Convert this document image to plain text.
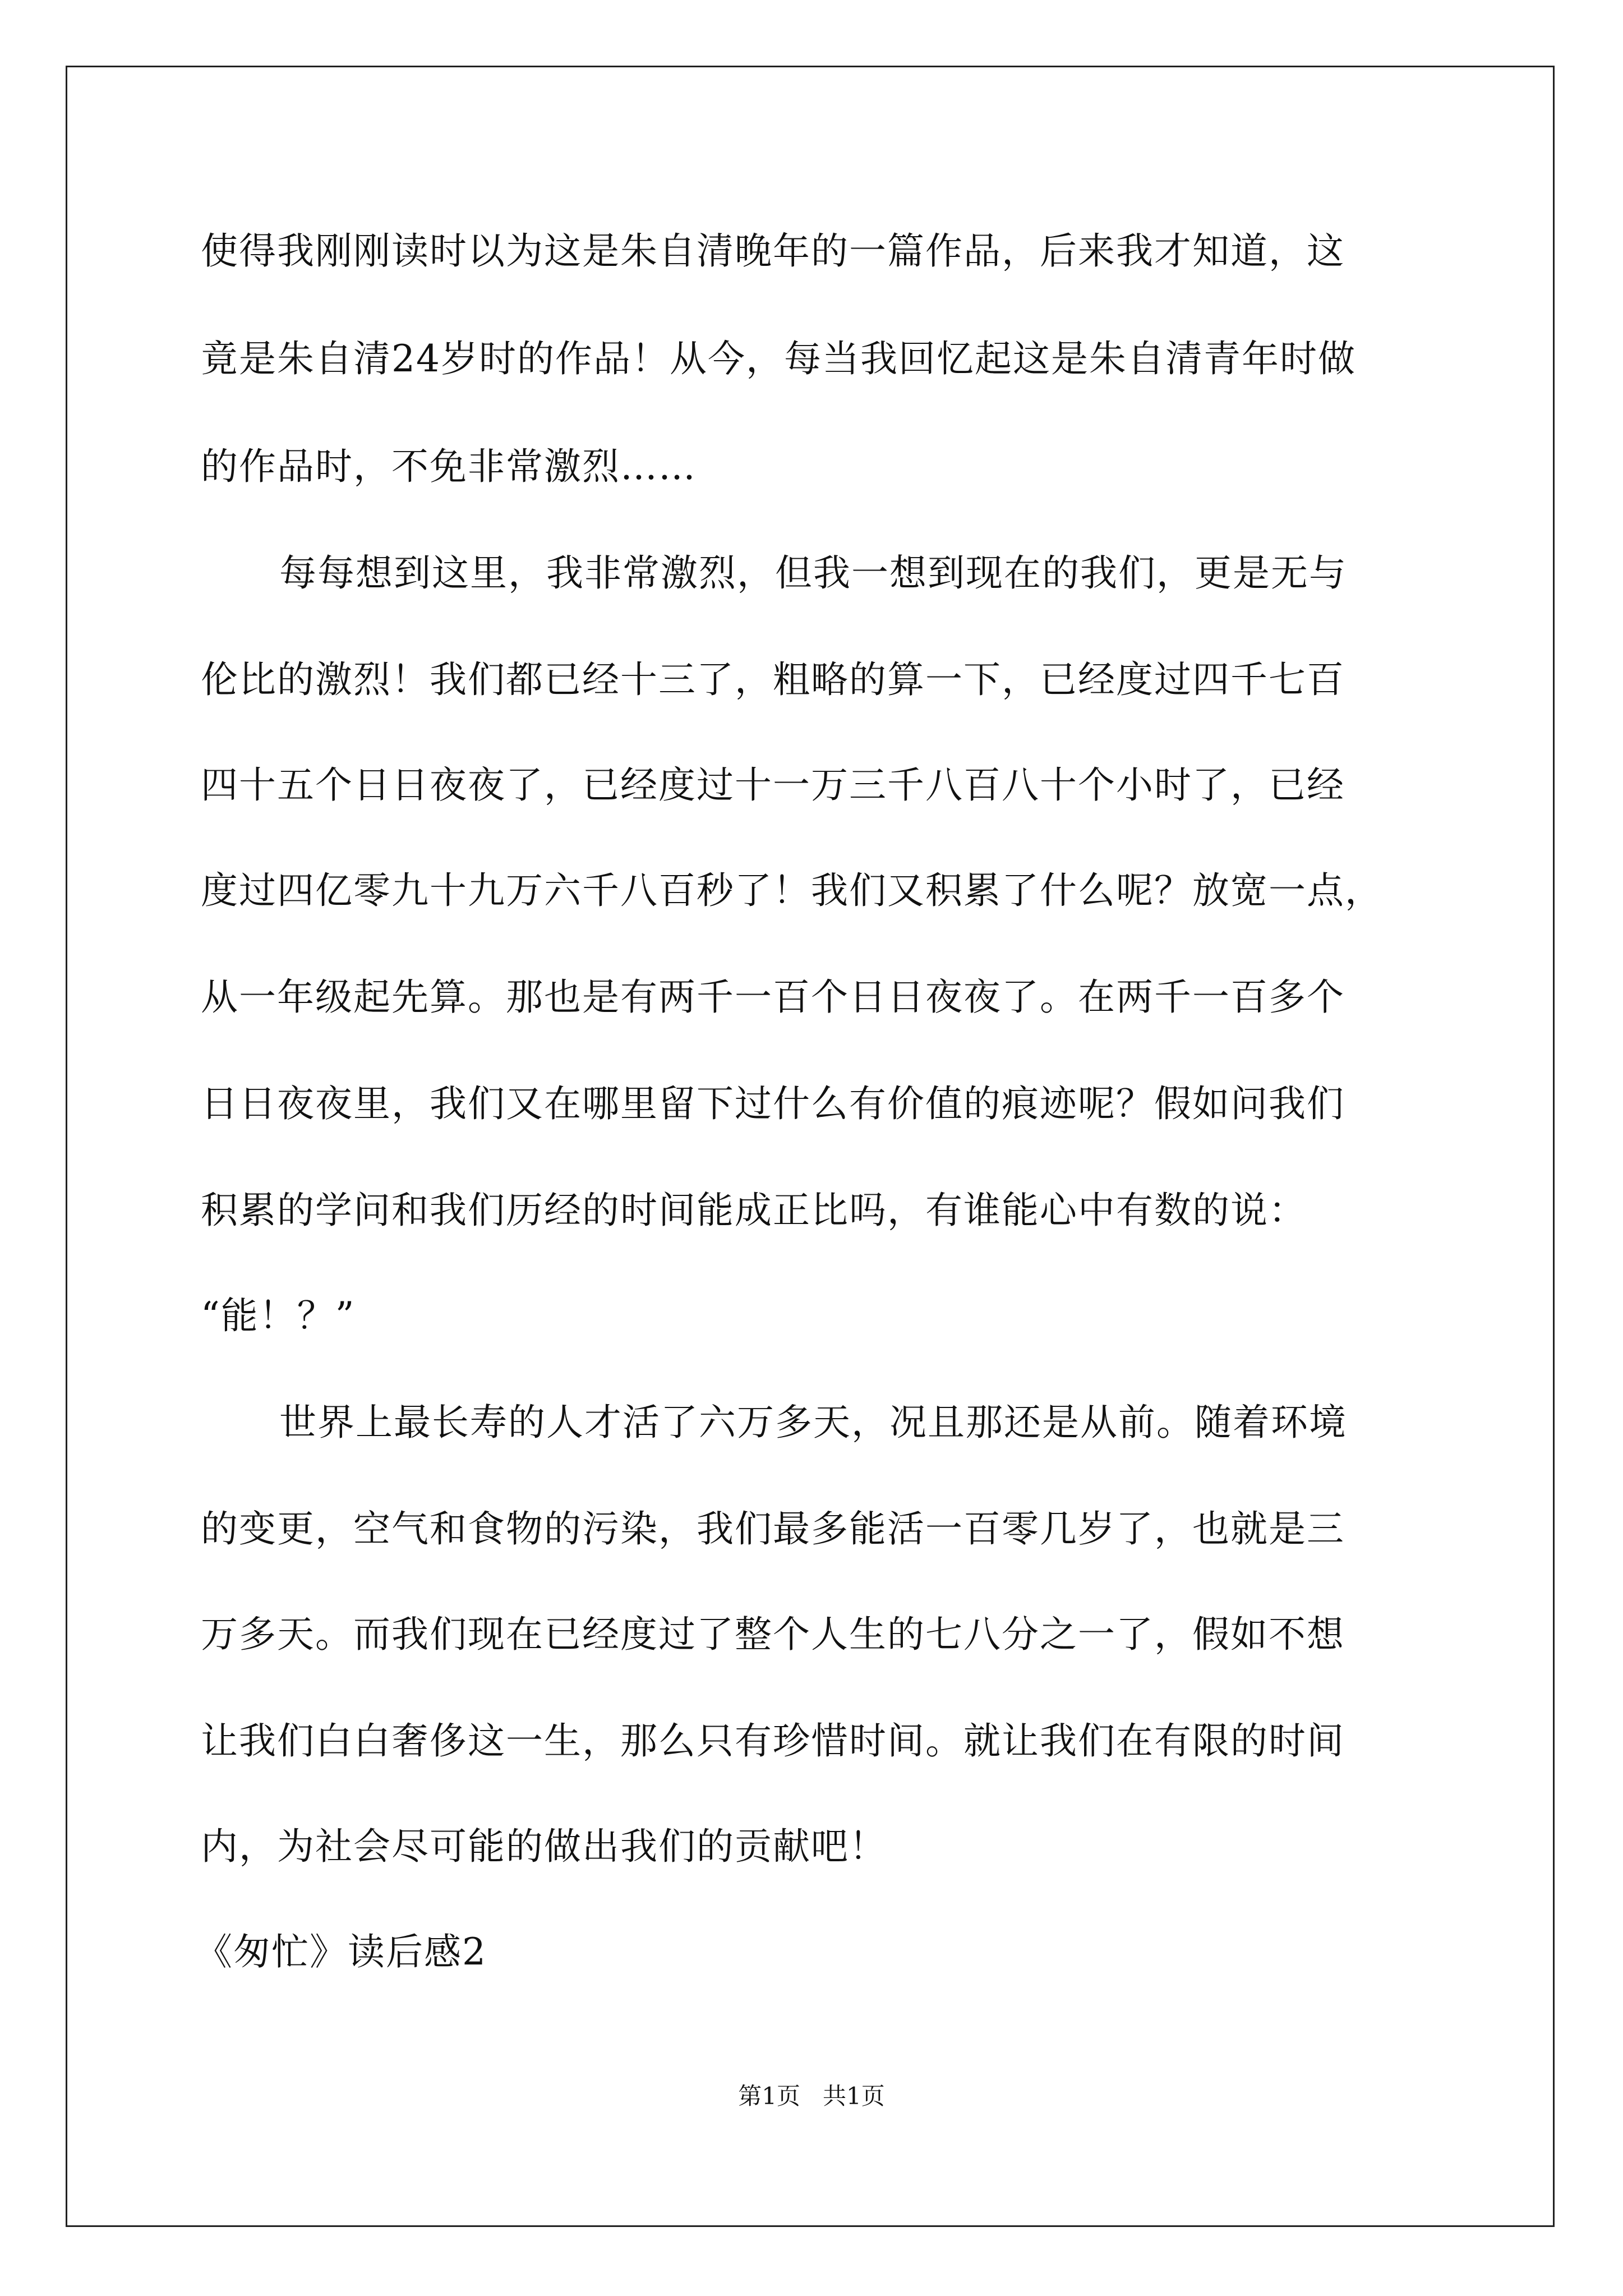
使得我刚刚读时以为这是朱自清晚年的一篇作品，后来我才知道，这
竟是朱自清24岁时的作品！从今，每当我回忆起这是朱自清青年时做
的作品时，不免非常激烈……
每每想到这里，我非常激烈，但我一想到现在的我们，更是无与
伦比的激烈！我们都已经十三了，粗略的算一下，已经度过四千七百
四十五个日日夜夜了，已经度过十一万三千八百八十个小时了，已经
度过四亿零九十九万六千八百秒了！我们又积累了什么呢？放宽一点，
从一年级起先算。那也是有两千一百个日日夜夜了。在两千一百多个
日日夜夜里，我们又在哪里留下过什么有价值的痕迹呢？假如问我们
积累的学问和我们历经的时间能成正比吗，有谁能心中有数的说：
“能！？”
世界上最长寿的人才活了六万多天，况且那还是从前。随着环境
的变更，空气和食物的污染，我们最多能活一百零几岁了，也就是三
万多天。而我们现在已经度过了整个人生的七八分之一了，假如不想
让我们白白奢侈这一生，那么只有珍惜时间。就让我们在有限的时间
内，为社会尽可能的做出我们的贡献吧！
《匆忙》读后感2
第1页   共1页
